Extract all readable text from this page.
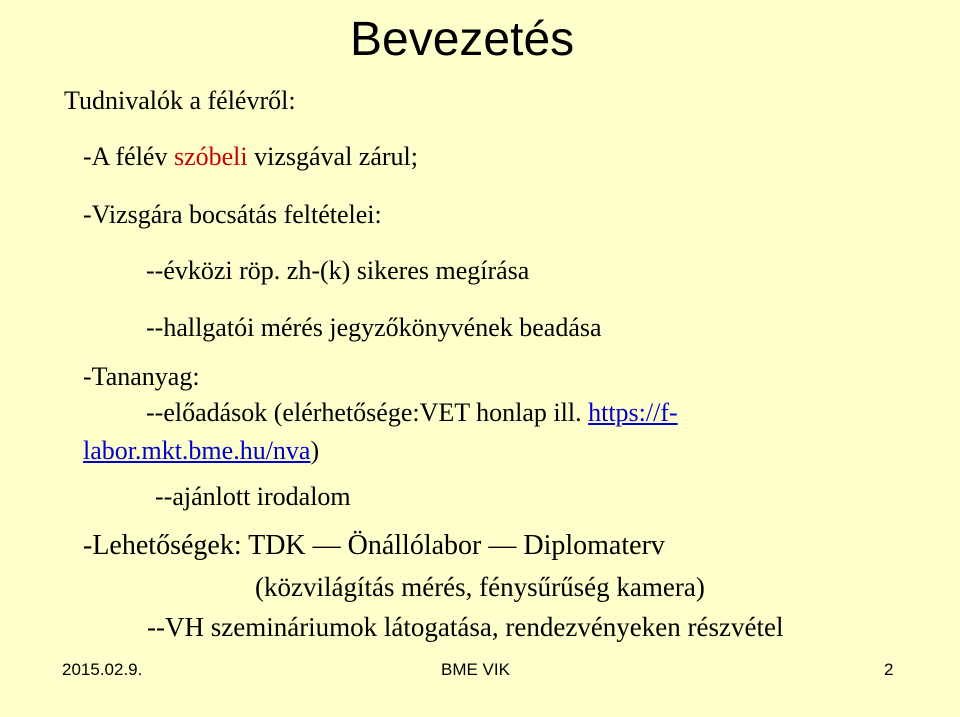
Bevezetés
Tudnivalók a félévről:
-A félév szóbeli vizsgával zárul;
-Vizsgára bocsátás feltételei:
--évközi röp. zh-(k) sikeres megírása
--hallgatói mérés jegyzőkönyvének beadása
-Tananyag:
--előadások (elérhetősége:VET honlap ill. https://f-
labor.mkt.bme.hu/nva)
--ajánlott irodalom
-Lehetőségek: TDK — Önállólabor — Diplomaterv
(közvilágítás mérés, fénysűrűség kamera)
--VH szemináriumok látogatása, rendezvényeken részvétel
2015.02.9.	BME VIK	2
